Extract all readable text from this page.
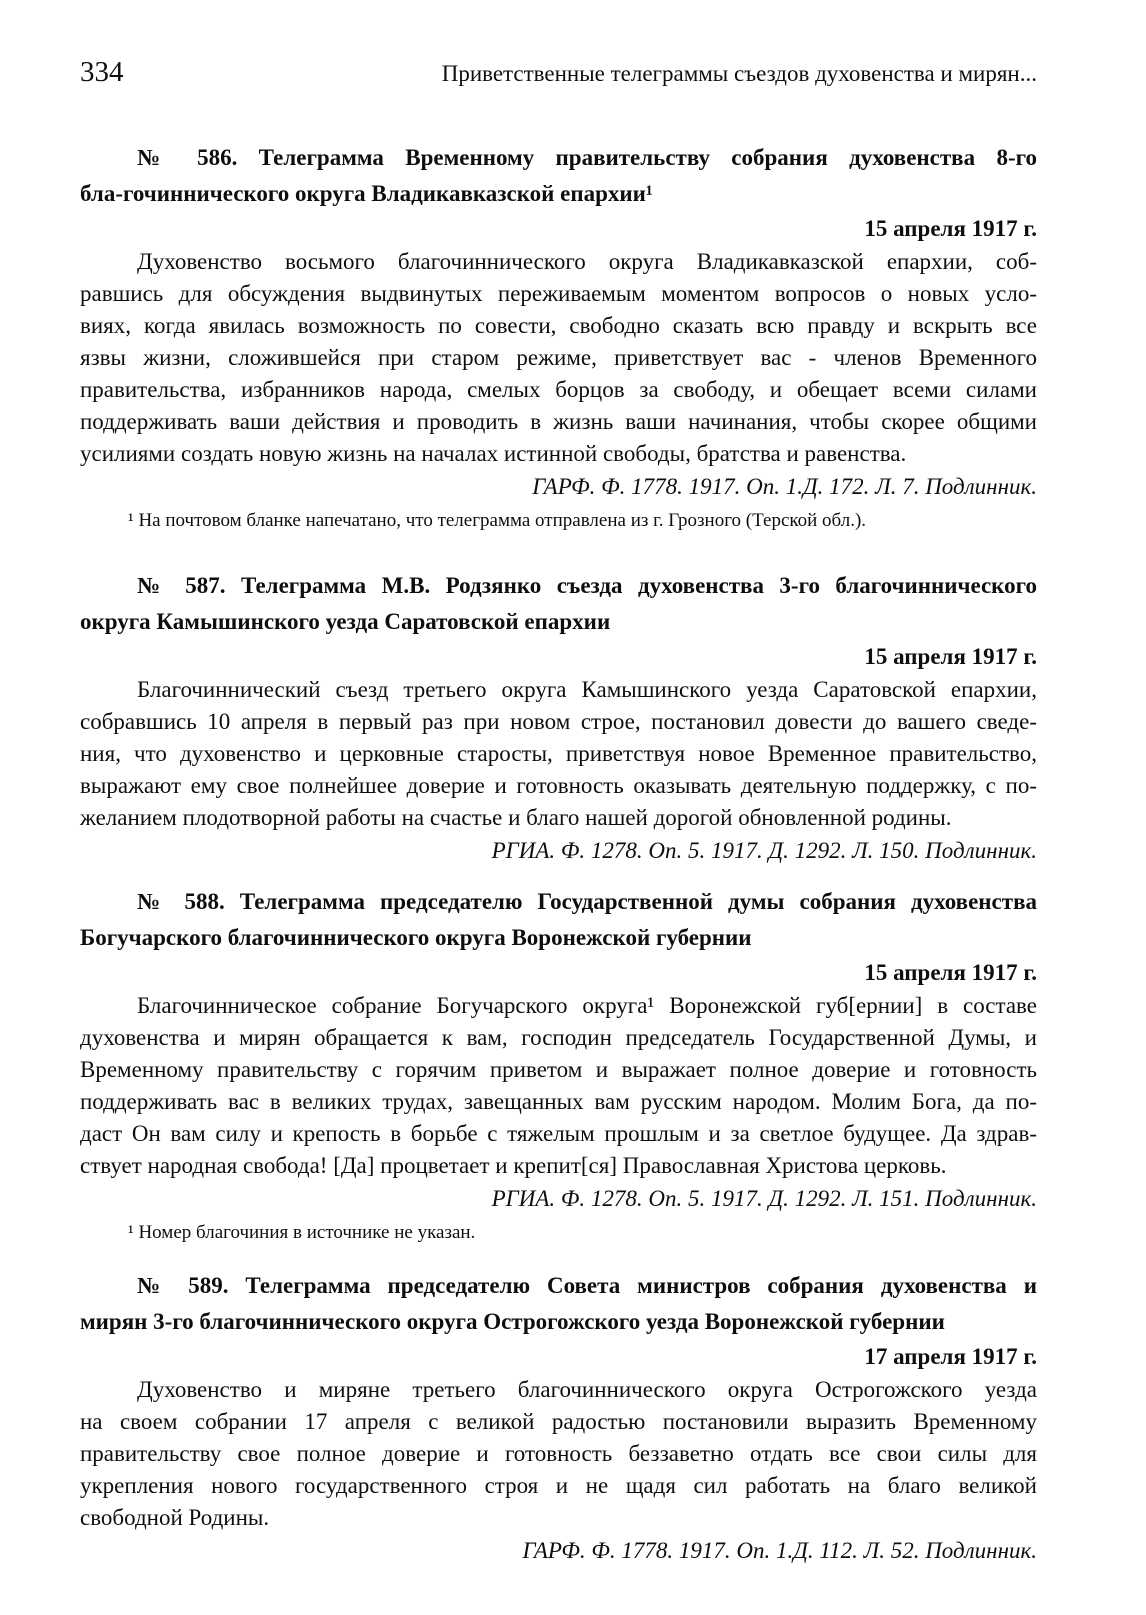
334	Приветственные телеграммы съездов духовенства и мирян...
№ 586. Телеграмма Временному правительству собрания духовенства 8-го
бла-гочиннического округа Владикавказской епархии¹
15 апреля 1917 г.

Духовенство восьмого благочиннического округа Владикавказской епархии, соб-
равшись для обсуждения выдвинутых переживаемым моментом вопросов о новых усло-
виях, когда явилась возможность по совести, свободно сказать всю правду и вскрыть все
язвы жизни, сложившейся при старом режиме, приветствует вас - членов Временного
правительства, избранников народа, смелых борцов за свободу, и обещает всеми силами
поддерживать ваши действия и проводить в жизнь ваши начинания, чтобы скорее общими
усилиями создать новую жизнь на началах истинной свободы, братства и равенства.

ГАРФ. Ф. 1778. 1917. Оп. 1.Д. 172. Л. 7. Подлинник.
¹ На почтовом бланке напечатано, что телеграмма отправлена из г. Грозного (Терской обл.).
№ 587. Телеграмма М.В. Родзянко съезда духовенства 3-го благочиннического
округа Камышинского уезда Саратовской епархии
15 апреля 1917 г.

Благочиннический съезд третьего округа Камышинского уезда Саратовской епархии,
собравшись 10 апреля в первый раз при новом строе, постановил довести до вашего сведе-
ния, что духовенство и церковные старосты, приветствуя новое Временное правительство,
выражают ему свое полнейшее доверие и готовность оказывать деятельную поддержку, с по-
желанием плодотворной работы на счастье и благо нашей дорогой обновленной родины.

РГИА. Ф. 1278. Оп. 5. 1917. Д. 1292. Л. 150. Подлинник.
№ 588. Телеграмма председателю Государственной думы собрания духовенства
Богучарского благочиннического округа Воронежской губернии
15 апреля 1917 г.

Благочинническое собрание Богучарского округа¹ Воронежской губ[ернии] в составе
духовенства и мирян обращается к вам, господин председатель Государственной Думы, и
Временному правительству с горячим приветом и выражает полное доверие и готовность
поддерживать вас в великих трудах, завещанных вам русским народом. Молим Бога, да по-
даст Он вам силу и крепость в борьбе с тяжелым прошлым и за светлое будущее. Да здрав-
ствует народная свобода! [Да] процветает и крепит[ся] Православная Христова церковь.

РГИА. Ф. 1278. Оп. 5. 1917. Д. 1292. Л. 151. Подлинник.
¹ Номер благочиния в источнике не указан.
№ 589. Телеграмма председателю Совета министров собрания духовенства и
мирян 3-го благочиннического округа Острогожского уезда Воронежской губернии
17 апреля 1917 г.

Духовенство и миряне третьего благочиннического округа Острогожского уезда
на своем собрании 17 апреля с великой радостью постановили выразить Временному
правительству свое полное доверие и готовность беззаветно отдать все свои силы для
укрепления нового государственного строя и не щадя сил работать на благо великой
свободной Родины.

ГАРФ. Ф. 1778. 1917. Оп. 1.Д. 112. Л. 52. Подлинник.
